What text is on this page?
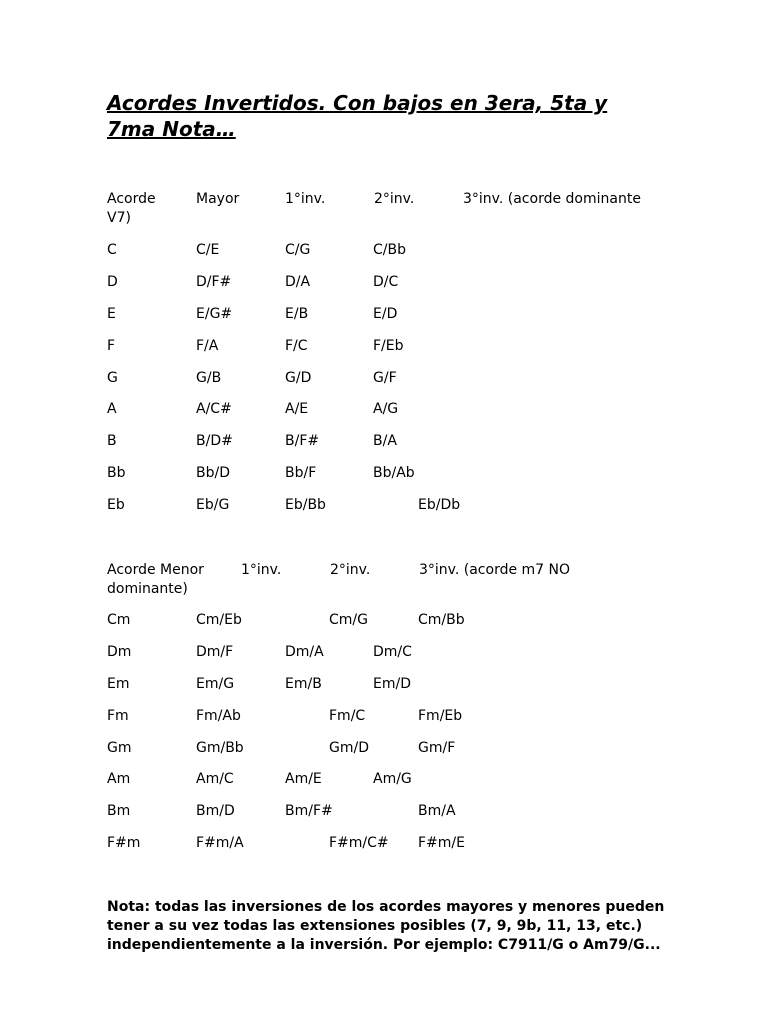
Acordes Invertidos. Con bajos en 3era, 5ta y 7ma Nota…
Acorde	Mayor	1°inv.	2°inv.	3°inv. (acorde dominante
V7)
C	C/E	C/G	C/Bb
D	D/F#	D/A	D/C
E	E/G#	E/B	E/D
F	F/A	F/C	F/Eb
G	G/B	G/D	G/F
A	A/C#	A/E	A/G
B	B/D#	B/F#	B/A
Bb	Bb/D	Bb/F	Bb/Ab
Eb	Eb/G	Eb/Bb	Eb/Db
Acorde Menor	1°inv.	2°inv.	3°inv. (acorde m7 NO
dominante)
Cm	Cm/Eb	Cm/G	Cm/Bb
Dm	Dm/F	Dm/A	Dm/C
Em	Em/G	Em/B	Em/D
Fm	Fm/Ab	Fm/C	Fm/Eb
Gm	Gm/Bb	Gm/D	Gm/F
Am	Am/C	Am/E	Am/G
Bm	Bm/D	Bm/F#	Bm/A
F#m	F#m/A	F#m/C# F#m/E

Nota: todas las inversiones de los acordes mayores y menores pueden tener a su vez todas las extensiones posibles (7, 9, 9b, 11, 13, etc.) independientemente a la inversión. Por ejemplo: C7911/G o Am79/G...
